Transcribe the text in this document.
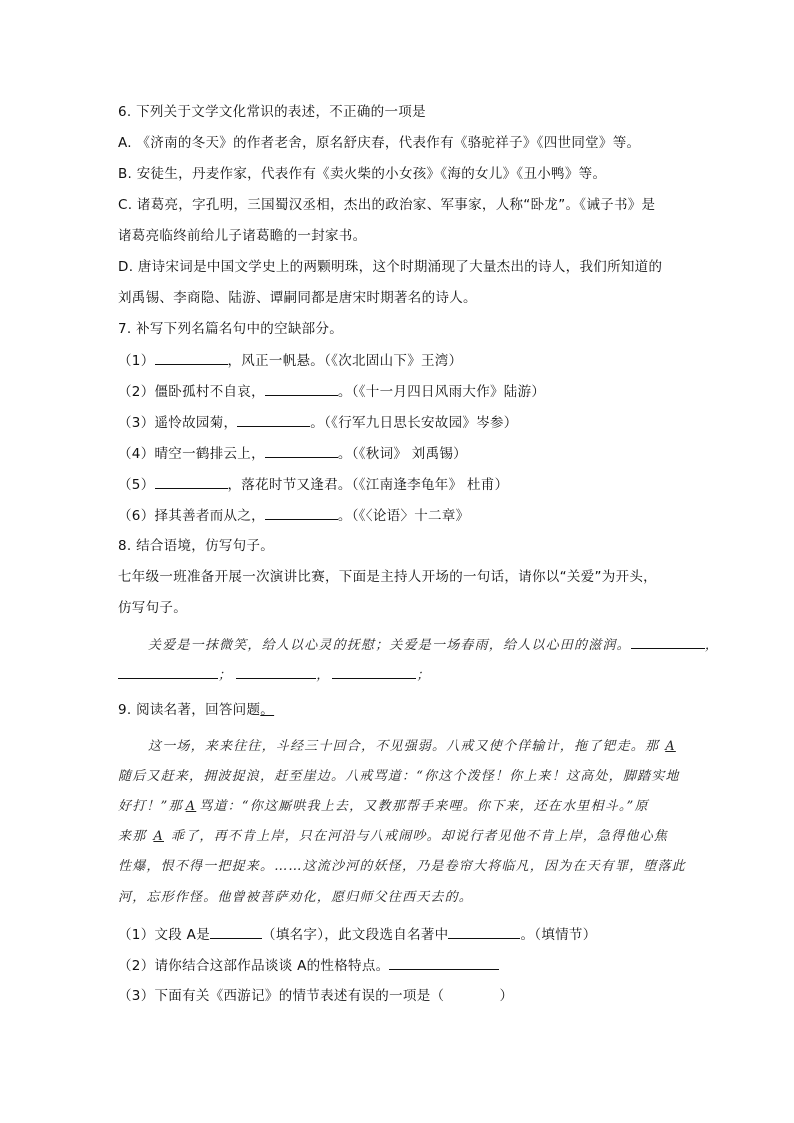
6. 下列关于文学文化常识的表述，不正确的一项是
A. 《济南的冬天》的作者老舍，原名舒庆春，代表作有《骆驼祥子》《四世同堂》等。
B. 安徒生，丹麦作家，代表作有《卖火柴的小女孩》《海的女儿》《丑小鸭》等。
C. 诸葛亮，字孔明，三国蜀汉丞相，杰出的政治家、军事家，人称“卧龙”。《诫子书》是
诸葛亮临终前给儿子诸葛瞻的一封家书。
D. 唐诗宋词是中国文学史上的两颗明珠，这个时期涌现了大量杰出的诗人，我们所知道的
刘禹锡、李商隐、陆游、谭嗣同都是唐宋时期著名的诗人。
7. 补写下列名篇名句中的空缺部分。
（1）	，风正一帆悬。（《次北固山下》王湾）
（2）僵卧孤村不自哀，	。（《十一月四日风雨大作》陆游）
（3）遥怜故园菊，	。（《行军九日思长安故园》岑参）
（4）晴空一鹤排云上，	。（《秋词》 刘禹锡）
（5）	，落花时节又逢君。（《江南逢李龟年》 杜甫）
（6）择其善者而从之，	。（《〈论语〉十二章》
8. 结合语境，仿写句子。
七年级一班准备开展一次演讲比赛，下面是主持人开场的一句话，请你以“关爱”为开头，
仿写句子。
关爱是一抹微笑，给人以心灵的抚慰；关爱是一场春雨，给人以心田的滋润。	，
；	，	；
9. 阅读名著，回答问题。
这一场，来来往往，斗经三十回合，不见强弱。八戒又使个佯输计，拖了钯走。那 A
随后又赶来，拥波捉浪，赶至崖边。八戒骂道：“你这个泼怪！你上来！这高处，脚踏实地
好打！”那 A 骂道：“你这厮哄我上去，又教那帮手来哩。你下来，还在水里相斗。”原
来那 A 乖了，再不肯上岸，只在河沿与八戒闹吵。却说行者见他不肯上岸，急得他心焦
性爆，恨不得一把捉来。……这流沙河的妖怪，乃是卷帘大将临凡，因为在天有罪，堕落此
河，忘形作怪。他曾被菩萨劝化，愿归师父往西天去的。
（1）文段 A是	（填名字），此文段选自名著中	。（填情节）
（2）请你结合这部作品谈谈 A的性格特点。
（3）下面有关《西游记》的情节表述有误的一项是（　　　　）
